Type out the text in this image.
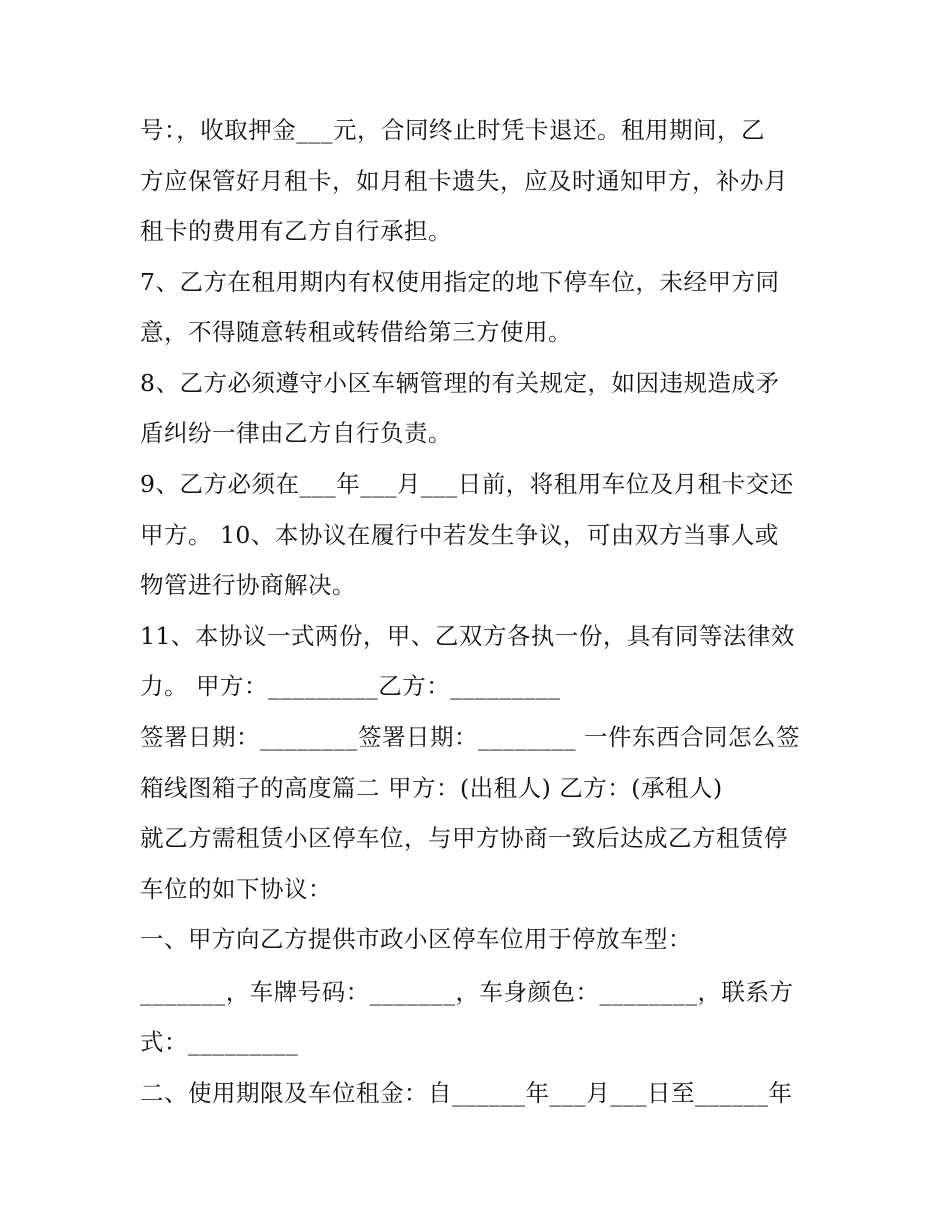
号：，收取押金___元，合同终止时凭卡退还。租用期间，乙
方应保管好月租卡，如月租卡遗失，应及时通知甲方，补办月
租卡的费用有乙方自行承担。
7、乙方在租用期内有权使用指定的地下停车位，未经甲方同
意，不得随意转租或转借给第三方使用。
8、乙方必须遵守小区车辆管理的有关规定，如因违规造成矛
盾纠纷一律由乙方自行负责。
9、乙方必须在___年___月___日前，将租用车位及月租卡交还
甲方。 10、本协议在履行中若发生争议，可由双方当事人或
物管进行协商解决。
11、本协议一式两份，甲、乙双方各执一份，具有同等法律效
力。 甲方：_________乙方：_________
签署日期：________签署日期：________ 一件东西合同怎么签
箱线图箱子的高度篇二 甲方：(出租人) 乙方：(承租人)
就乙方需租赁小区停车位，与甲方协商一致后达成乙方租赁停
车位的如下协议：
一、甲方向乙方提供市政小区停车位用于停放车型：
_______，车牌号码：_______，车身颜色：________，联系方
式：_________
二、使用期限及车位租金：自______年___月___日至______年
